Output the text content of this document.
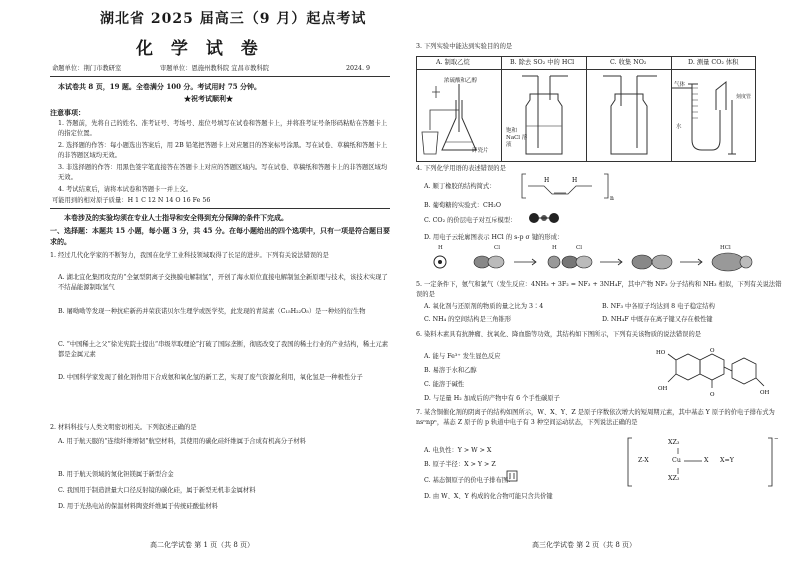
湖北省 2025 届高三（9 月）起点考试
化 学 试 卷
命题单位：荆门市教研室	审题单位：恩施州教科院 宜昌市教科院	2024. 9
本试卷共 8 页，19 题。全卷满分 100 分。考试用时 75 分钟。
★祝考试顺利★
注意事项：
1. 答题前，先将自己的姓名、准考证号、考场号、座位号填写在试卷和答题卡上，并将准考证号条形码粘贴在答题卡上的指定位置。
2. 选择题的作答：每小题选出答案后，用 2B 铅笔把答题卡上对应题目的答案标号涂黑。写在试卷、草稿纸和答题卡上的非答题区域均无效。
3. 非选择题的作答：用黑色签字笔直接答在答题卡上对应的答题区域内。写在试卷、草稿纸和答题卡上的非答题区域均无效。
4. 考试结束后，请将本试卷和答题卡一并上交。
可能用到的相对原子质量：H 1 C 12 N 14 O 16 Fe 56
本卷涉及的实验均须在专业人士指导和安全得到充分保障的条件下完成。
一、选择题：本题共 15 小题，每小题 3 分，共 45 分。在每小题给出的四个选项中，只有一项是符合题目要求的。
1. 经过几代化学家的不断努力，我国在化学工业科技领域取得了长足的进步。下列有关说法错误的是
A. 湖北宜化集团攻克的“全氯型阴离子交换膜电解制氢”，开创了海水原位直接电解制氢全新原理与技术，该技术实现了不结晶能源制取氢气
B. 屠呦呦等发现一种抗疟新药并荣获诺贝尔生理学或医学奖，此发现的青蒿素（C₁₅H₂₂O₅）是一种烃的衍生物
C. “中国稀土之父”徐光宪院士提出“串级萃取理论”打破了国际垄断，彻底改变了我国的稀土行业的产业结构，稀土元素都是金属元素
D. 中国科学家发现了催化剂作用下合成氨和氧化氢的新工艺，实现了废气资源化利用，氧化氢是一种极性分子
2. 材料科技与人类文明密切相关。下列叙述正确的是
A. 用于航天服的“连续纤维增韧”航空材料，其使用的碳化硅纤维属于合成有机高分子材料
B. 用于航天领域的氮化钽镁属于新型合金
C. 我国用于制造泄量大口径反射镜的碳化硅，属于新型无机非金属材料
D. 用于光热电站的保温材料陶瓷纤维属于传统硅酸盐材料
高二化学试卷 第 1 页（共 8 页）
3. 下列实验中能达到实验目的的是
A. 制取乙烷	B. 除去 SO₂ 中的 HCl	C. 收集 NO₂	D. 测量 CO₂ 体积
浓硫酸和乙醇
碎瓷片
饱和 NaCl 溶液
气体
水
刻度管
4. 下列化学用语的表述错误的是
A. 顺丁橡胶的结构简式：
H	H
n
B. 葡萄糖的实验式：CH₂O
C. CO₂ 的价层电子对互斥模型：
D. 用电子云轮廓图表示 HCl 的 s-p σ 键的形成：
H	Cl	H	Cl	HCl
5. 一定条件下，氨气和氯气（发生反应：4NH₃ + 3F₂ = NF₃ + 3NH₄F，其中产物 NF₃ 分子结构和 NH₃ 相似，下列有关说法错误的是
A. 氧化剂与还原剂的物质的量之比为 3∶4	B. NF₃ 中各原子均达到 8 电子稳定结构
C. NH₄ 的空间结构是三角锥形	D. NH₄F 中既存在离子键又存在极性键
6. 染料木素具有抗肿瘤、抗氧化、降血脂等功效，其结构如下图所示，下列有关该物质的说法错误的是
A. 能与 Fe³⁺ 发生显色反应
B. 易溶于水和乙醇
C. 能溶于碱性
D. 与足量 H₂ 加成后的产物中有 6 个手性碳原子
HO
OH
O
O
OH
7. 某含铜催化剂的阴离子的结构如图所示，W、X、Y、Z 是原子序数依次增大的短周期元素，其中基态 Y 原子的价电子排布式为 nsⁿnpⁿ，基态 Z 原子的 p 轨道中电子有 3 种空间运动状态，下列说法正确的是
A. 电负性：Y > W > X
B. 原子半径：X > Y > Z
C. 基态铜原子的价电子排布图：
D. 由 W、X、Y 构成的化合物可能只含共价键
Z-X	Cu	X X=Y
XZ₃
XZ₃
−
高三化学试卷 第 2 页（共 8 页）
